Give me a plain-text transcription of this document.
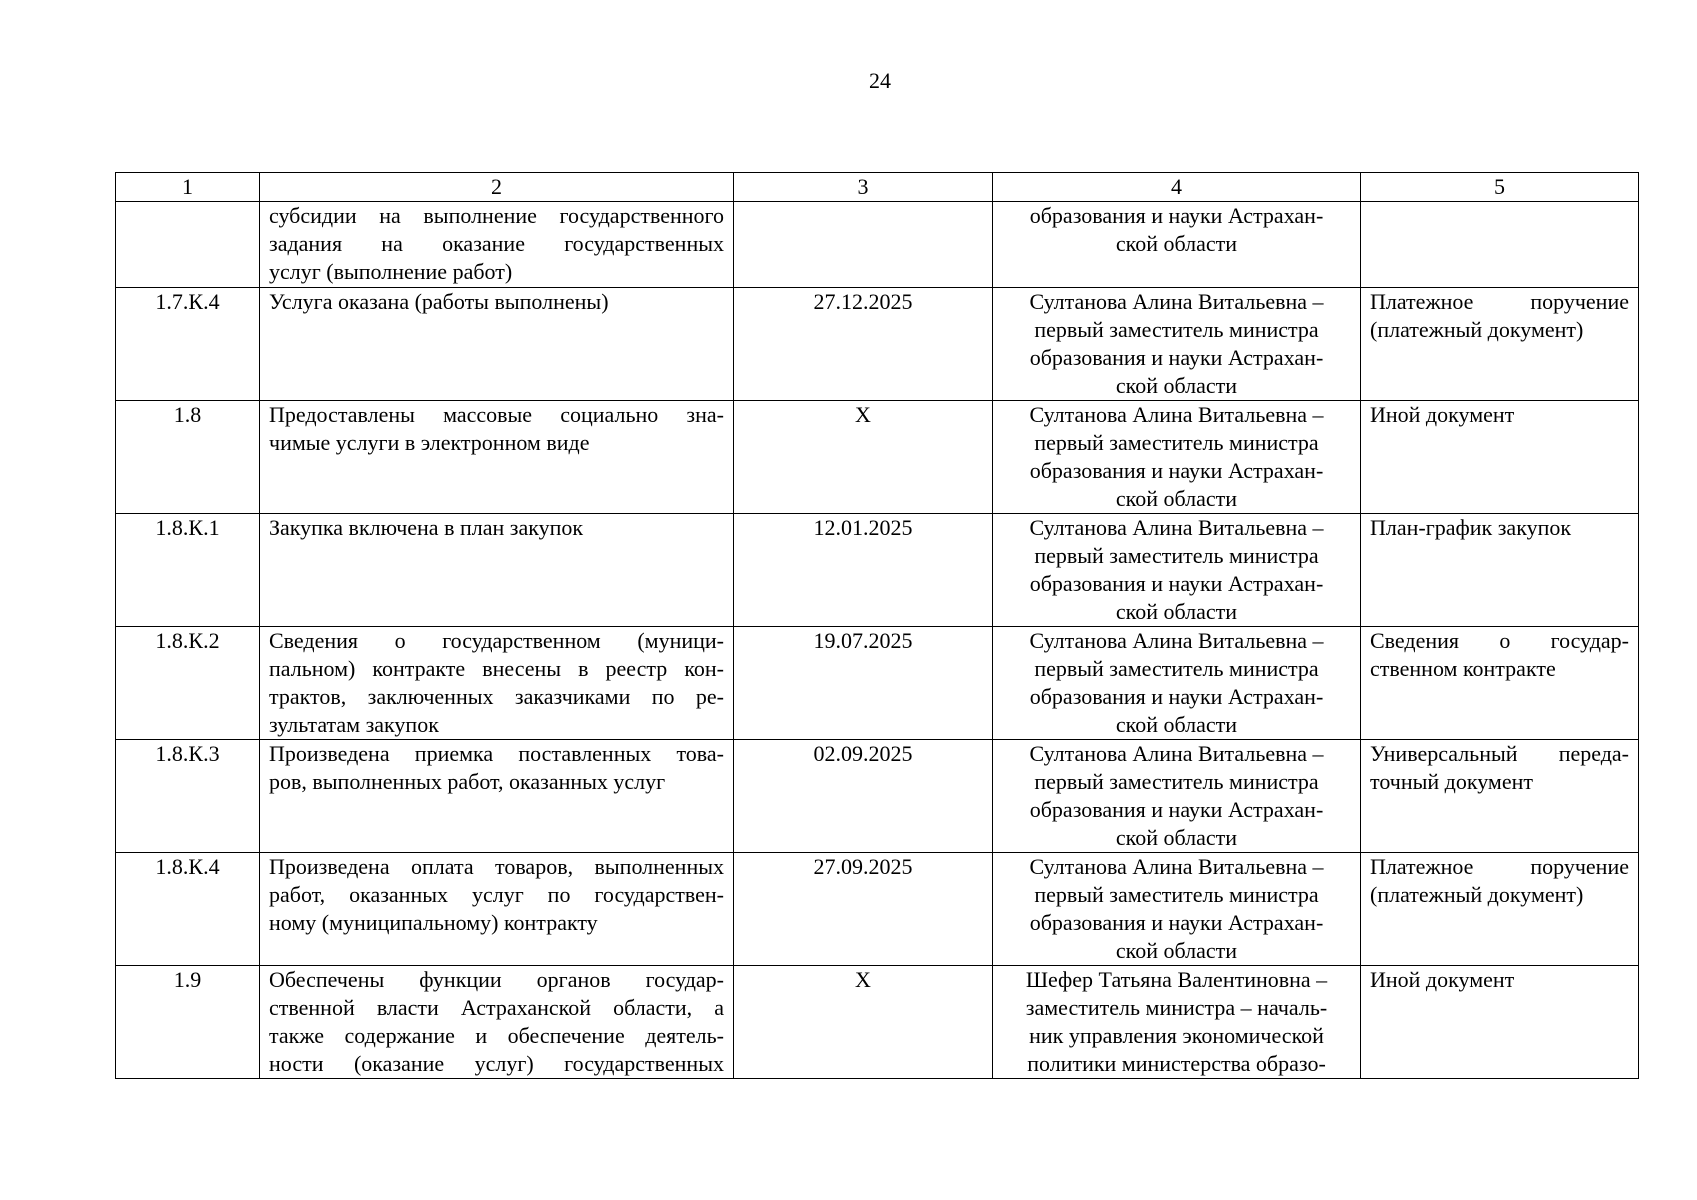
24
1	2	3	4	5

	субсидии на выполнение государственного
задания на оказание государственных
услуг (выполнение работ)		образования и науки Астрахан-
ской области	

1.7.К.4	Услуга оказана (работы выполнены)	27.12.2025	Султанова Алина Витальевна –
первый заместитель министра
образования и науки Астрахан-
ской области	Платежное поручение
(платежный документ)

1.8	Предоставлены массовые социально зна-
чимые услуги в электронном виде	X	Султанова Алина Витальевна –
первый заместитель министра
образования и науки Астрахан-
ской области	Иной документ

1.8.К.1	Закупка включена в план закупок	12.01.2025	Султанова Алина Витальевна –
первый заместитель министра
образования и науки Астрахан-
ской области	План-график закупок

1.8.К.2	Сведения о государственном (муници-
пальном) контракте внесены в реестр кон-
трактов, заключенных заказчиками по ре-
зультатам закупок	19.07.2025	Султанова Алина Витальевна –
первый заместитель министра
образования и науки Астрахан-
ской области	Сведения о государ-
ственном контракте

1.8.К.3	Произведена приемка поставленных това-
ров, выполненных работ, оказанных услуг	02.09.2025	Султанова Алина Витальевна –
первый заместитель министра
образования и науки Астрахан-
ской области	Универсальный переда-
точный документ

1.8.К.4	Произведена оплата товаров, выполненных
работ, оказанных услуг по государствен-
ному (муниципальному) контракту	27.09.2025	Султанова Алина Витальевна –
первый заместитель министра
образования и науки Астрахан-
ской области	Платежное поручение
(платежный документ)

1.9	Обеспечены функции органов государ-
ственной власти Астраханской области, а
также содержание и обеспечение деятель-
ности (оказание услуг) государственных	X	Шефер Татьяна Валентиновна –
заместитель министра – началь-
ник управления экономической
политики министерства образо-	Иной документ
